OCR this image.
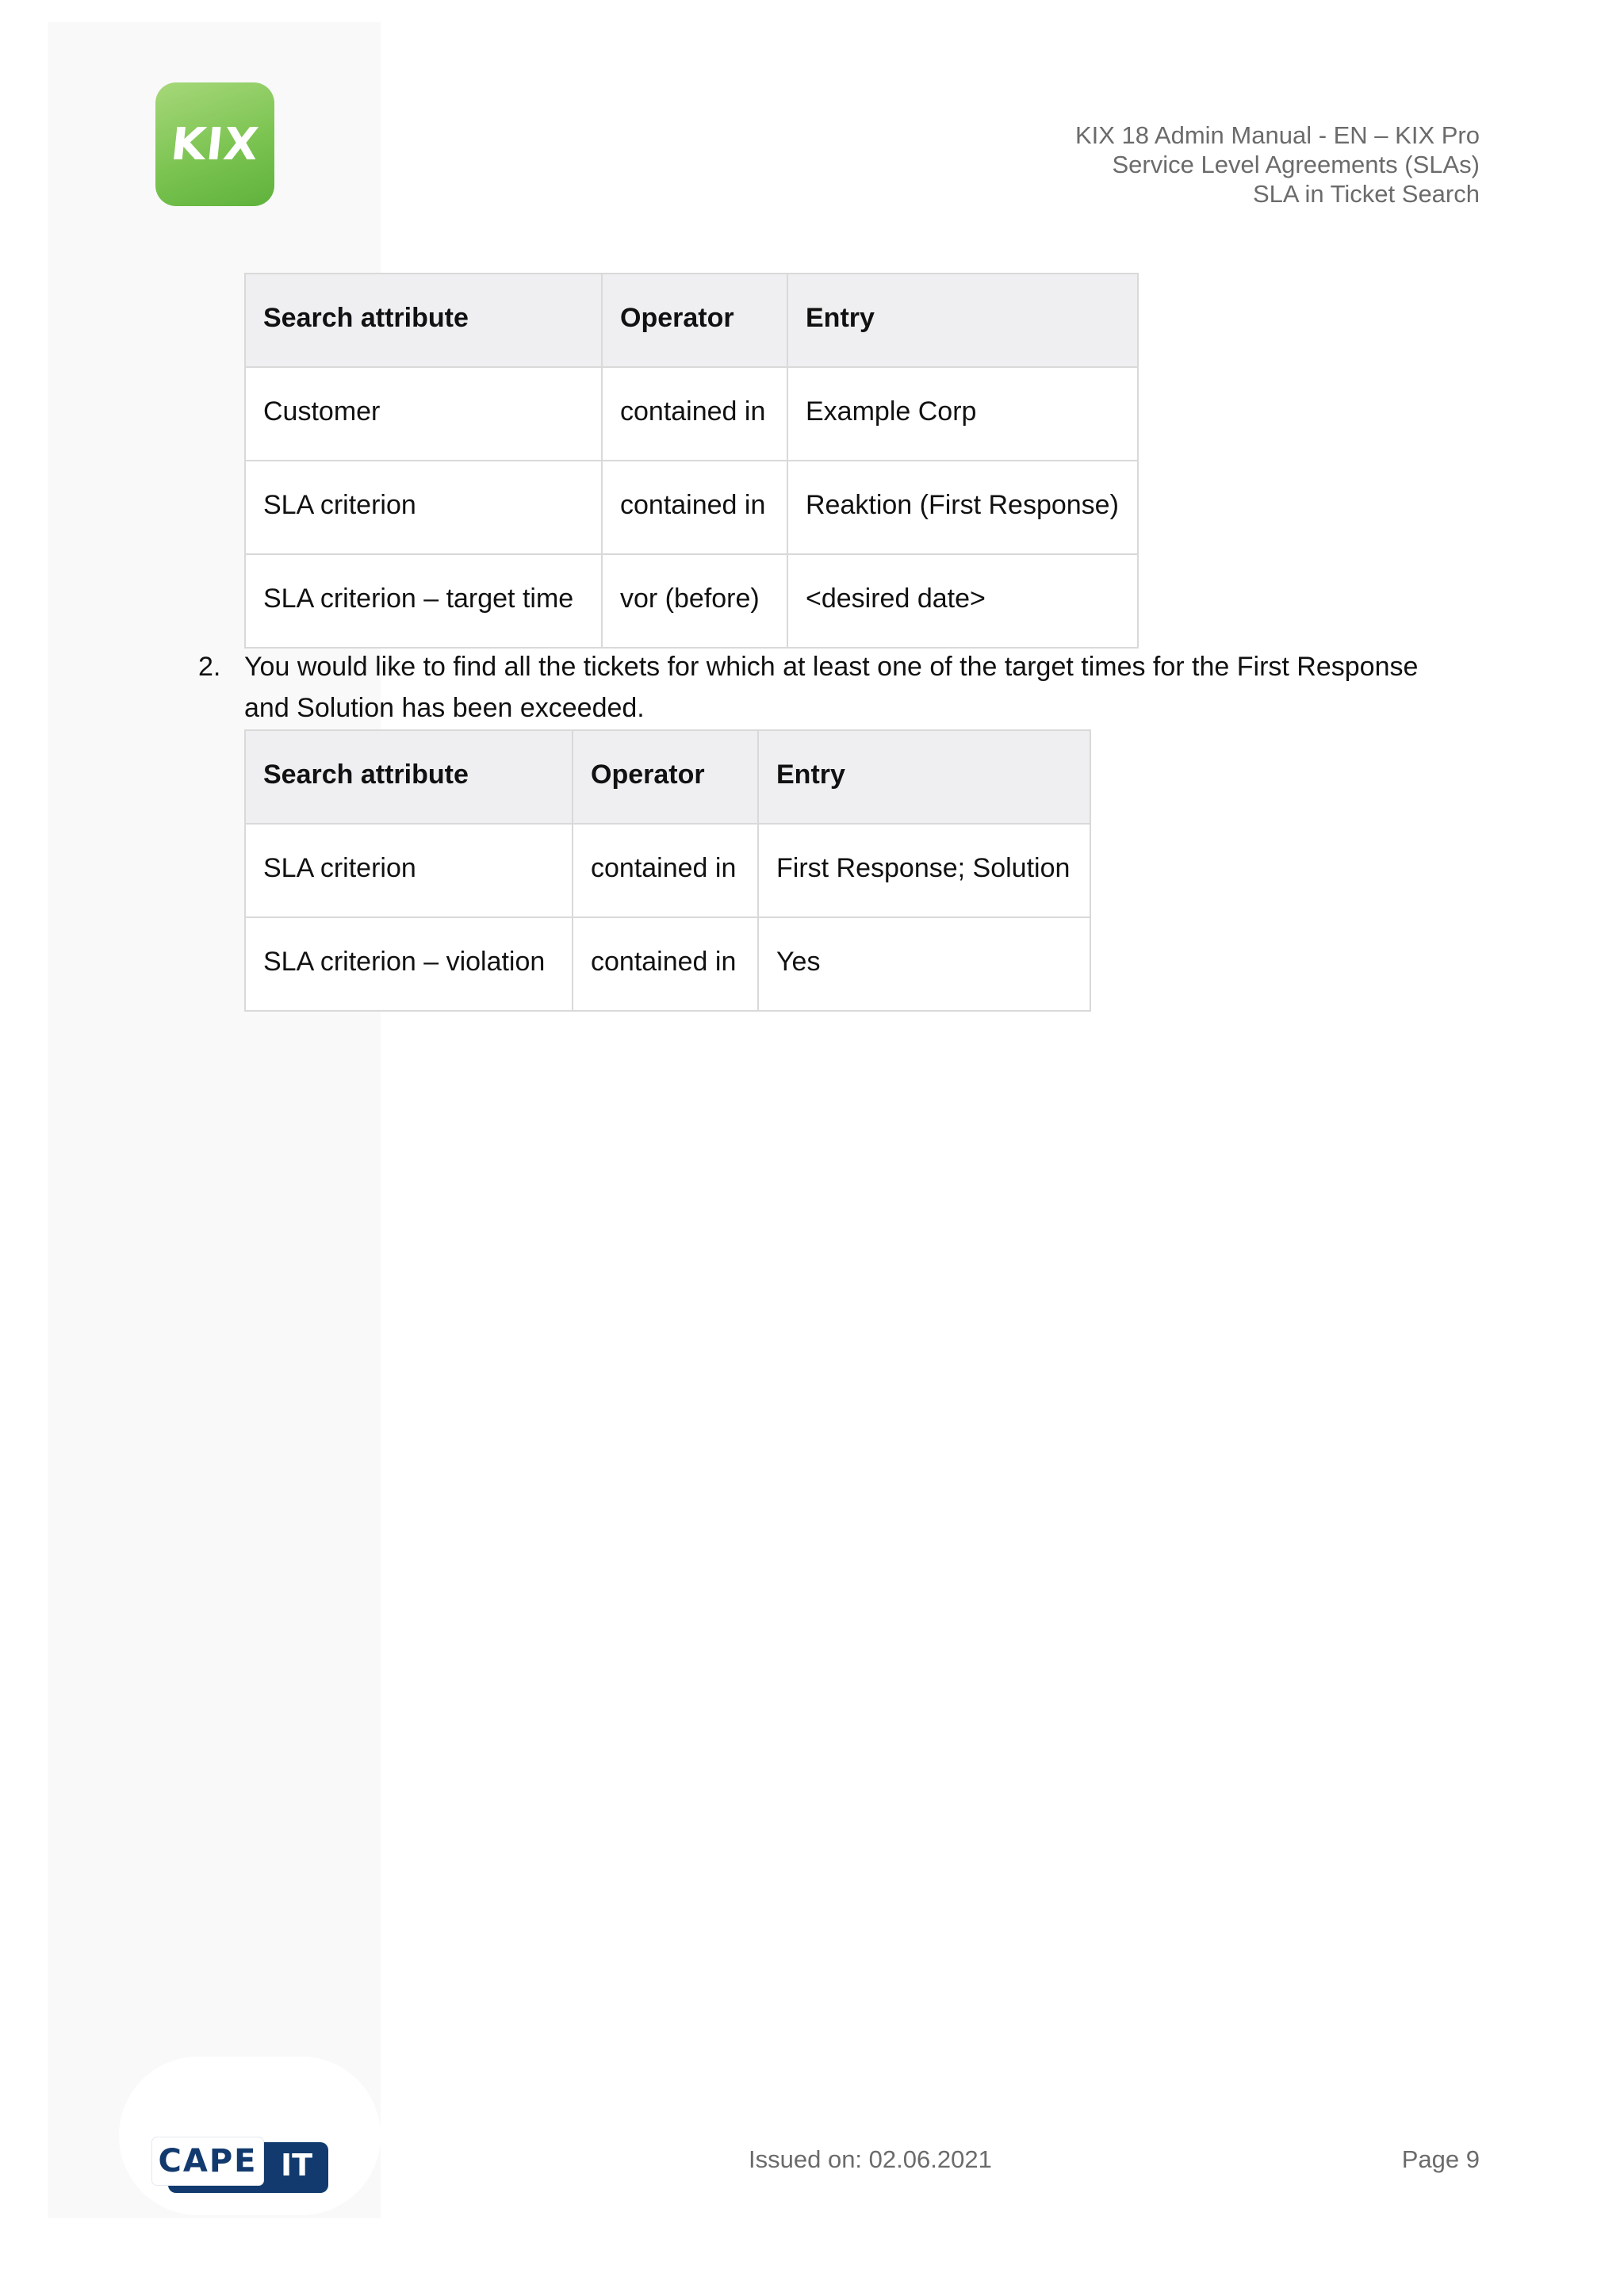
KIX	KIX 18 Admin Manual - EN – KIX Pro
Service Level Agreements (SLAs)
SLA in Ticket Search
Search attribute	Operator	Entry
Customer	contained in	Example Corp
SLA criterion	contained in	Reaktion (First Response)
SLA criterion – target time	vor (before)	<desired date>
2. You would like to find all the tickets for which at least one of the target times for the First Response and Solution has been exceeded.
Search attribute	Operator	Entry
SLA criterion	contained in	First Response; Solution
SLA criterion – violation	contained in	Yes
CAPE IT	Issued on: 02.06.2021	Page 9
